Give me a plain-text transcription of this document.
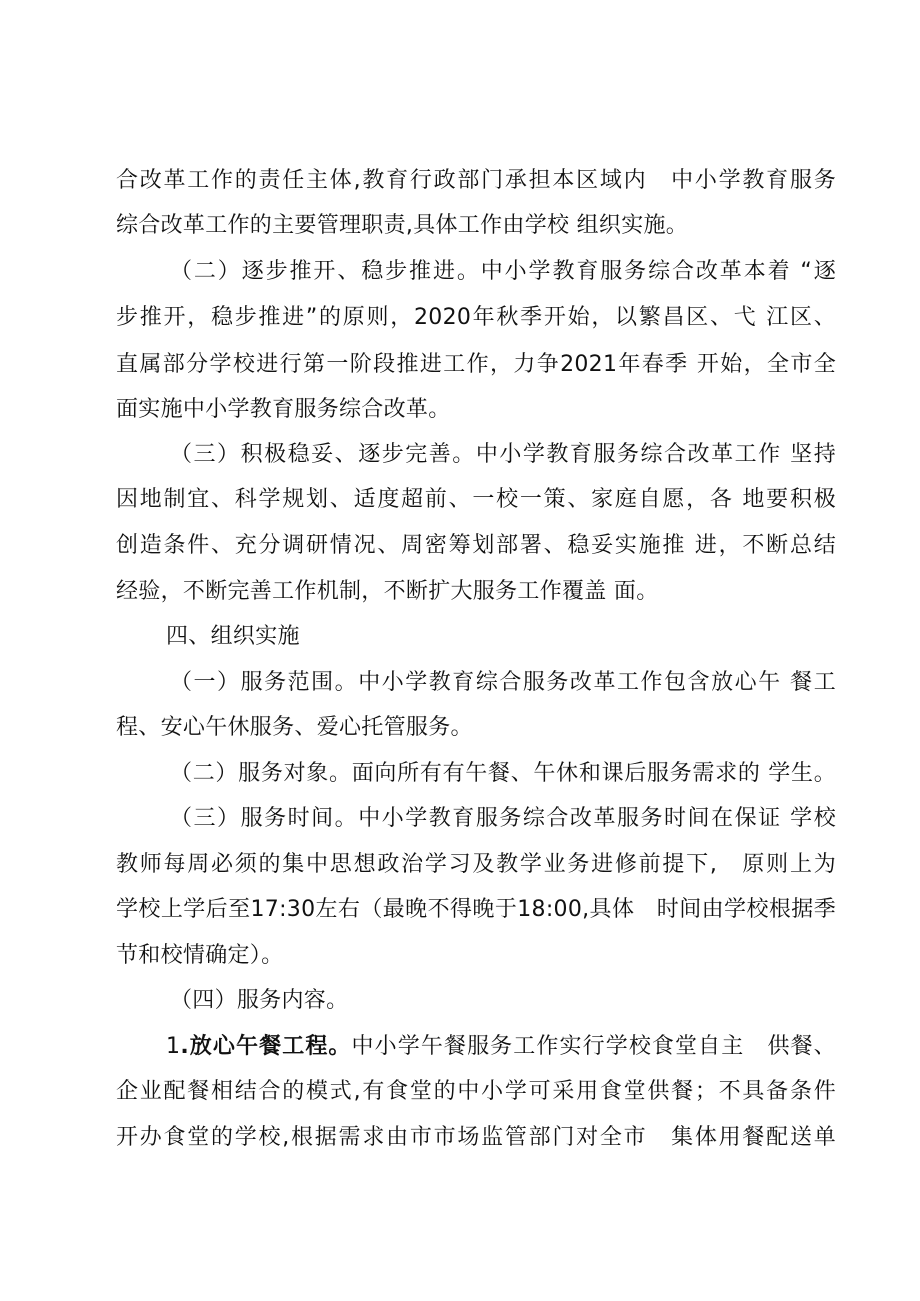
合改革工作的责任主体,教育行政部门承担本区域内　中小学教育服务
综合改革工作的主要管理职责,具体工作由学校 组织实施。
（二）逐步推开、稳步推进。中小学教育服务综合改革本着 “逐
步推开，稳步推进”的原则，2020年秋季开始，以繁昌区、弋 江区、
直属部分学校进行第一阶段推进工作，力争2021年春季 开始，全市全
面实施中小学教育服务综合改革。
（三）积极稳妥、逐步完善。中小学教育服务综合改革工作 坚持
因地制宜、科学规划、适度超前、一校一策、家庭自愿，各 地要积极
创造条件、充分调研情况、周密筹划部署、稳妥实施推 进，不断总结
经验，不断完善工作机制，不断扩大服务工作覆盖 面。
四、组织实施
（一）服务范围。中小学教育综合服务改革工作包含放心午 餐工
程、安心午休服务、爱心托管服务。
（二）服务对象。面向所有有午餐、午休和课后服务需求的 学生。
（三）服务时间。中小学教育服务综合改革服务时间在保证 学校
教师每周必须的集中思想政治学习及教学业务进修前提下,　原则上为
学校上学后至17:30左右（最晚不得晚于18:00,具体　时间由学校根据季
节和校情确定）。
（四）服务内容。
1.放心午餐工程。中小学午餐服务工作实行学校食堂自主　供餐、
企业配餐相结合的模式,有食堂的中小学可采用食堂供餐；不具备条件
开办食堂的学校,根据需求由市市场监管部门对全市　集体用餐配送单
